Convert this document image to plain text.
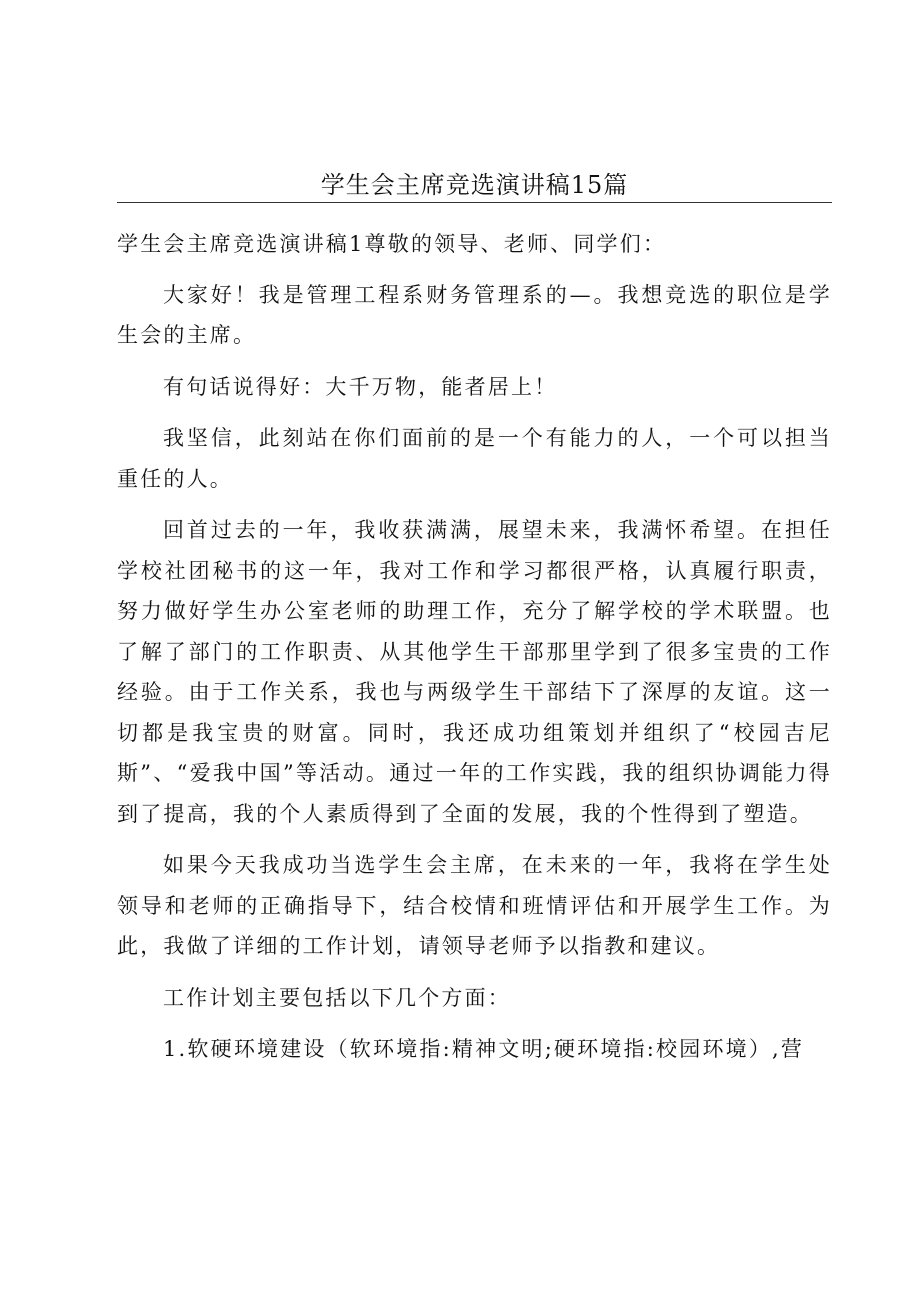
学生会主席竞选演讲稿15篇

学生会主席竞选演讲稿1尊敬的领导、老师、同学们：

大家好！我是管理工程系财务管理系的—。我想竞选的职位是学生会的主席。

有句话说得好：大千万物，能者居上！

我坚信，此刻站在你们面前的是一个有能力的人，一个可以担当重任的人。

回首过去的一年，我收获满满，展望未来，我满怀希望。在担任学校社团秘书的这一年，我对工作和学习都很严格，认真履行职责，努力做好学生办公室老师的助理工作，充分了解学校的学术联盟。也了解了部门的工作职责、从其他学生干部那里学到了很多宝贵的工作经验。由于工作关系，我也与两级学生干部结下了深厚的友谊。这一切都是我宝贵的财富。同时，我还成功组策划并组织了“校园吉尼斯”、“爱我中国”等活动。通过一年的工作实践，我的组织协调能力得到了提高，我的个人素质得到了全面的发展，我的个性得到了塑造。

如果今天我成功当选学生会主席，在未来的一年，我将在学生处领导和老师的正确指导下，结合校情和班情评估和开展学生工作。为此，我做了详细的工作计划，请领导老师予以指教和建议。

工作计划主要包括以下几个方面：

1.软硬环境建设（软环境指:精神文明;硬环境指:校园环境）,营
